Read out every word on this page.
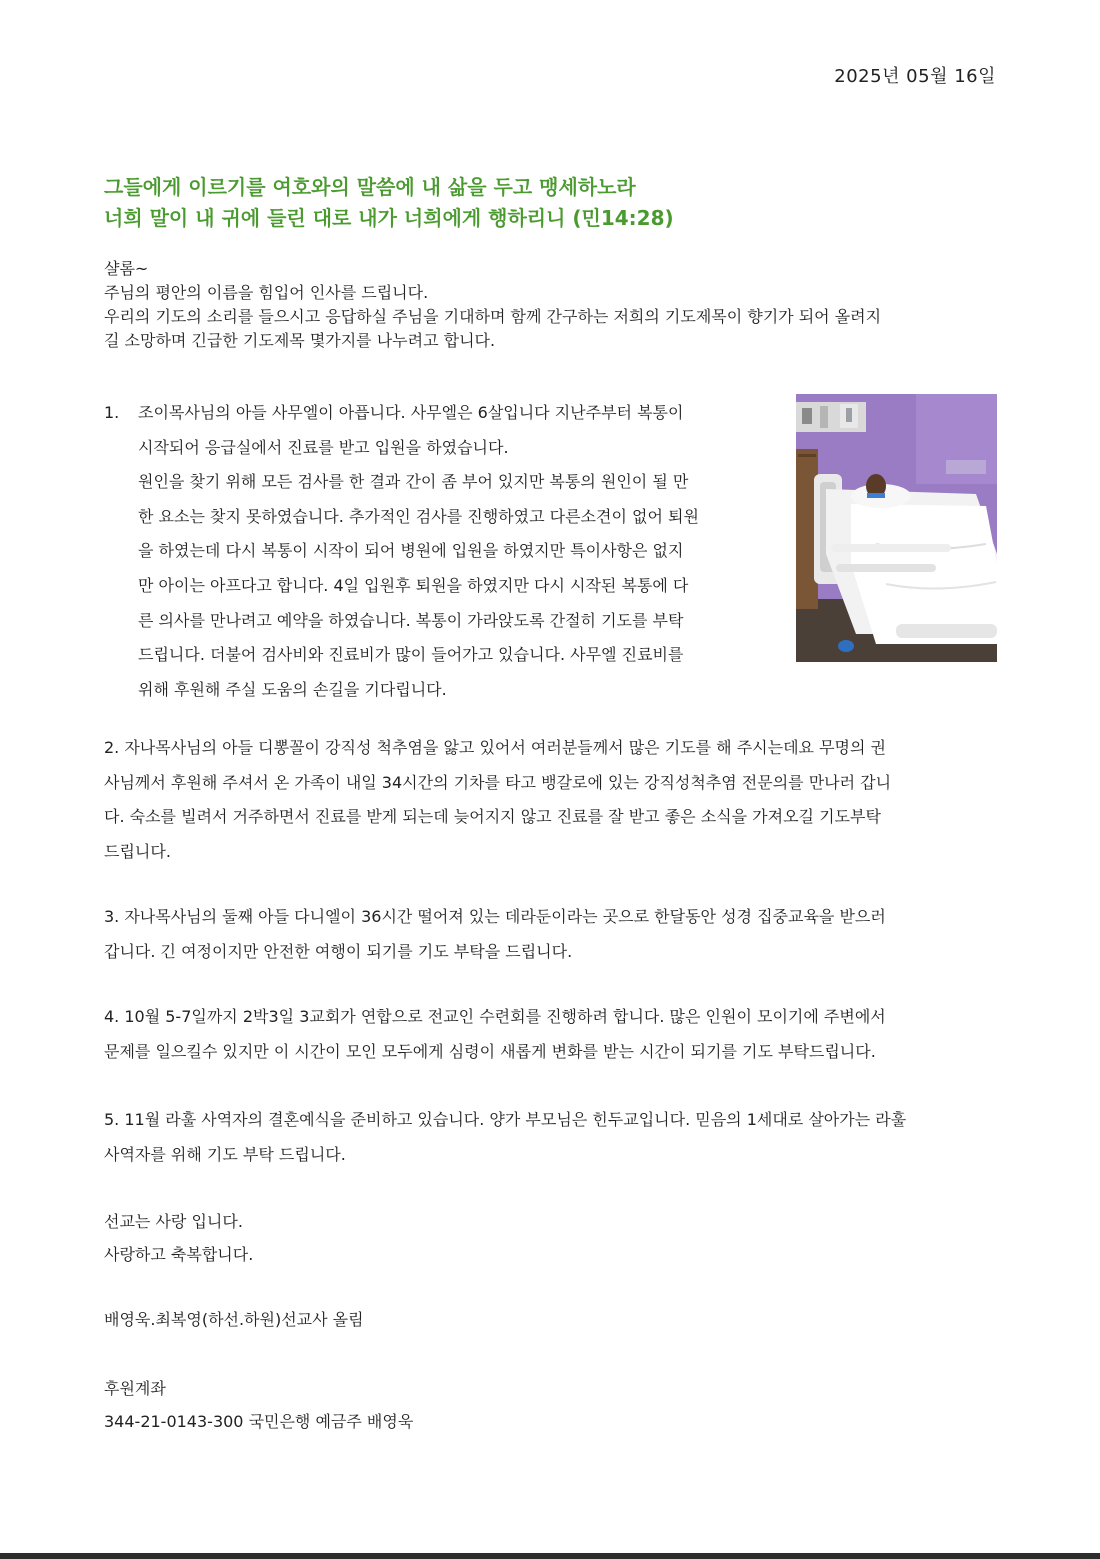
2025년 05월 16일
그들에게 이르기를 여호와의 말씀에 내 삶을 두고 맹세하노라
너희 말이 내 귀에 들린 대로 내가 너희에게 행하리니 (민14:28)
샬롬~
주님의 평안의 이름을 힘입어 인사를 드립니다.
우리의 기도의 소리를 들으시고 응답하실 주님을 기대하며 함께 간구하는 저희의 기도제목이 향기가 되어 올려지
길 소망하며 긴급한 기도제목 몇가지를 나누려고 합니다.
1. 조이목사님의 아들 사무엘이 아픕니다. 사무엘은 6살입니다 지난주부터 복통이
시작되어 응급실에서 진료를 받고 입원을 하였습니다.
원인을 찾기 위해 모든 검사를 한 결과 간이 좀 부어 있지만 복통의 원인이 될 만
한 요소는 찾지 못하였습니다. 추가적인 검사를 진행하였고 다른소견이 없어 퇴원
을 하였는데 다시 복통이 시작이 되어 병원에 입원을 하였지만 특이사항은 없지
만 아이는 아프다고 합니다. 4일 입원후 퇴원을 하였지만 다시 시작된 복통에 다
른 의사를 만나려고 예약을 하였습니다. 복통이 가라앉도록 간절히 기도를 부탁
드립니다. 더불어 검사비와 진료비가 많이 들어가고 있습니다. 사무엘 진료비를
위해 후원해 주실 도움의 손길을 기다립니다.
2. 자나목사님의 아들 디뽕꼴이 강직성 척추염을 앓고 있어서 여러분들께서 많은 기도를 해 주시는데요 무명의 권
사님께서 후원해 주셔서 온 가족이 내일 34시간의 기차를 타고 뱅갈로에 있는 강직성척추염 전문의를 만나러 갑니
다. 숙소를 빌려서 거주하면서 진료를 받게 되는데 늦어지지 않고 진료를 잘 받고 좋은 소식을 가져오길 기도부탁
드립니다.
3. 자나목사님의 둘째 아들 다니엘이 36시간 떨어져 있는 데라둔이라는 곳으로 한달동안 성경 집중교육을 받으러
갑니다. 긴 여정이지만 안전한 여행이 되기를 기도 부탁을 드립니다.
4. 10월 5-7일까지 2박3일 3교회가 연합으로 전교인 수련회를 진행하려 합니다. 많은 인원이 모이기에 주변에서
문제를 일으킬수 있지만 이 시간이 모인 모두에게 심령이 새롭게 변화를 받는 시간이 되기를 기도 부탁드립니다.
5. 11월 라훌 사역자의 결혼예식을 준비하고 있습니다. 양가 부모님은 힌두교입니다. 믿음의 1세대로 살아가는 라훌
사역자를 위해 기도 부탁 드립니다.
선교는 사랑 입니다.
사랑하고 축복합니다.
배영욱.최복영(하선.하원)선교사 올림
후원계좌
344-21-0143-300 국민은행 예금주 배영욱
